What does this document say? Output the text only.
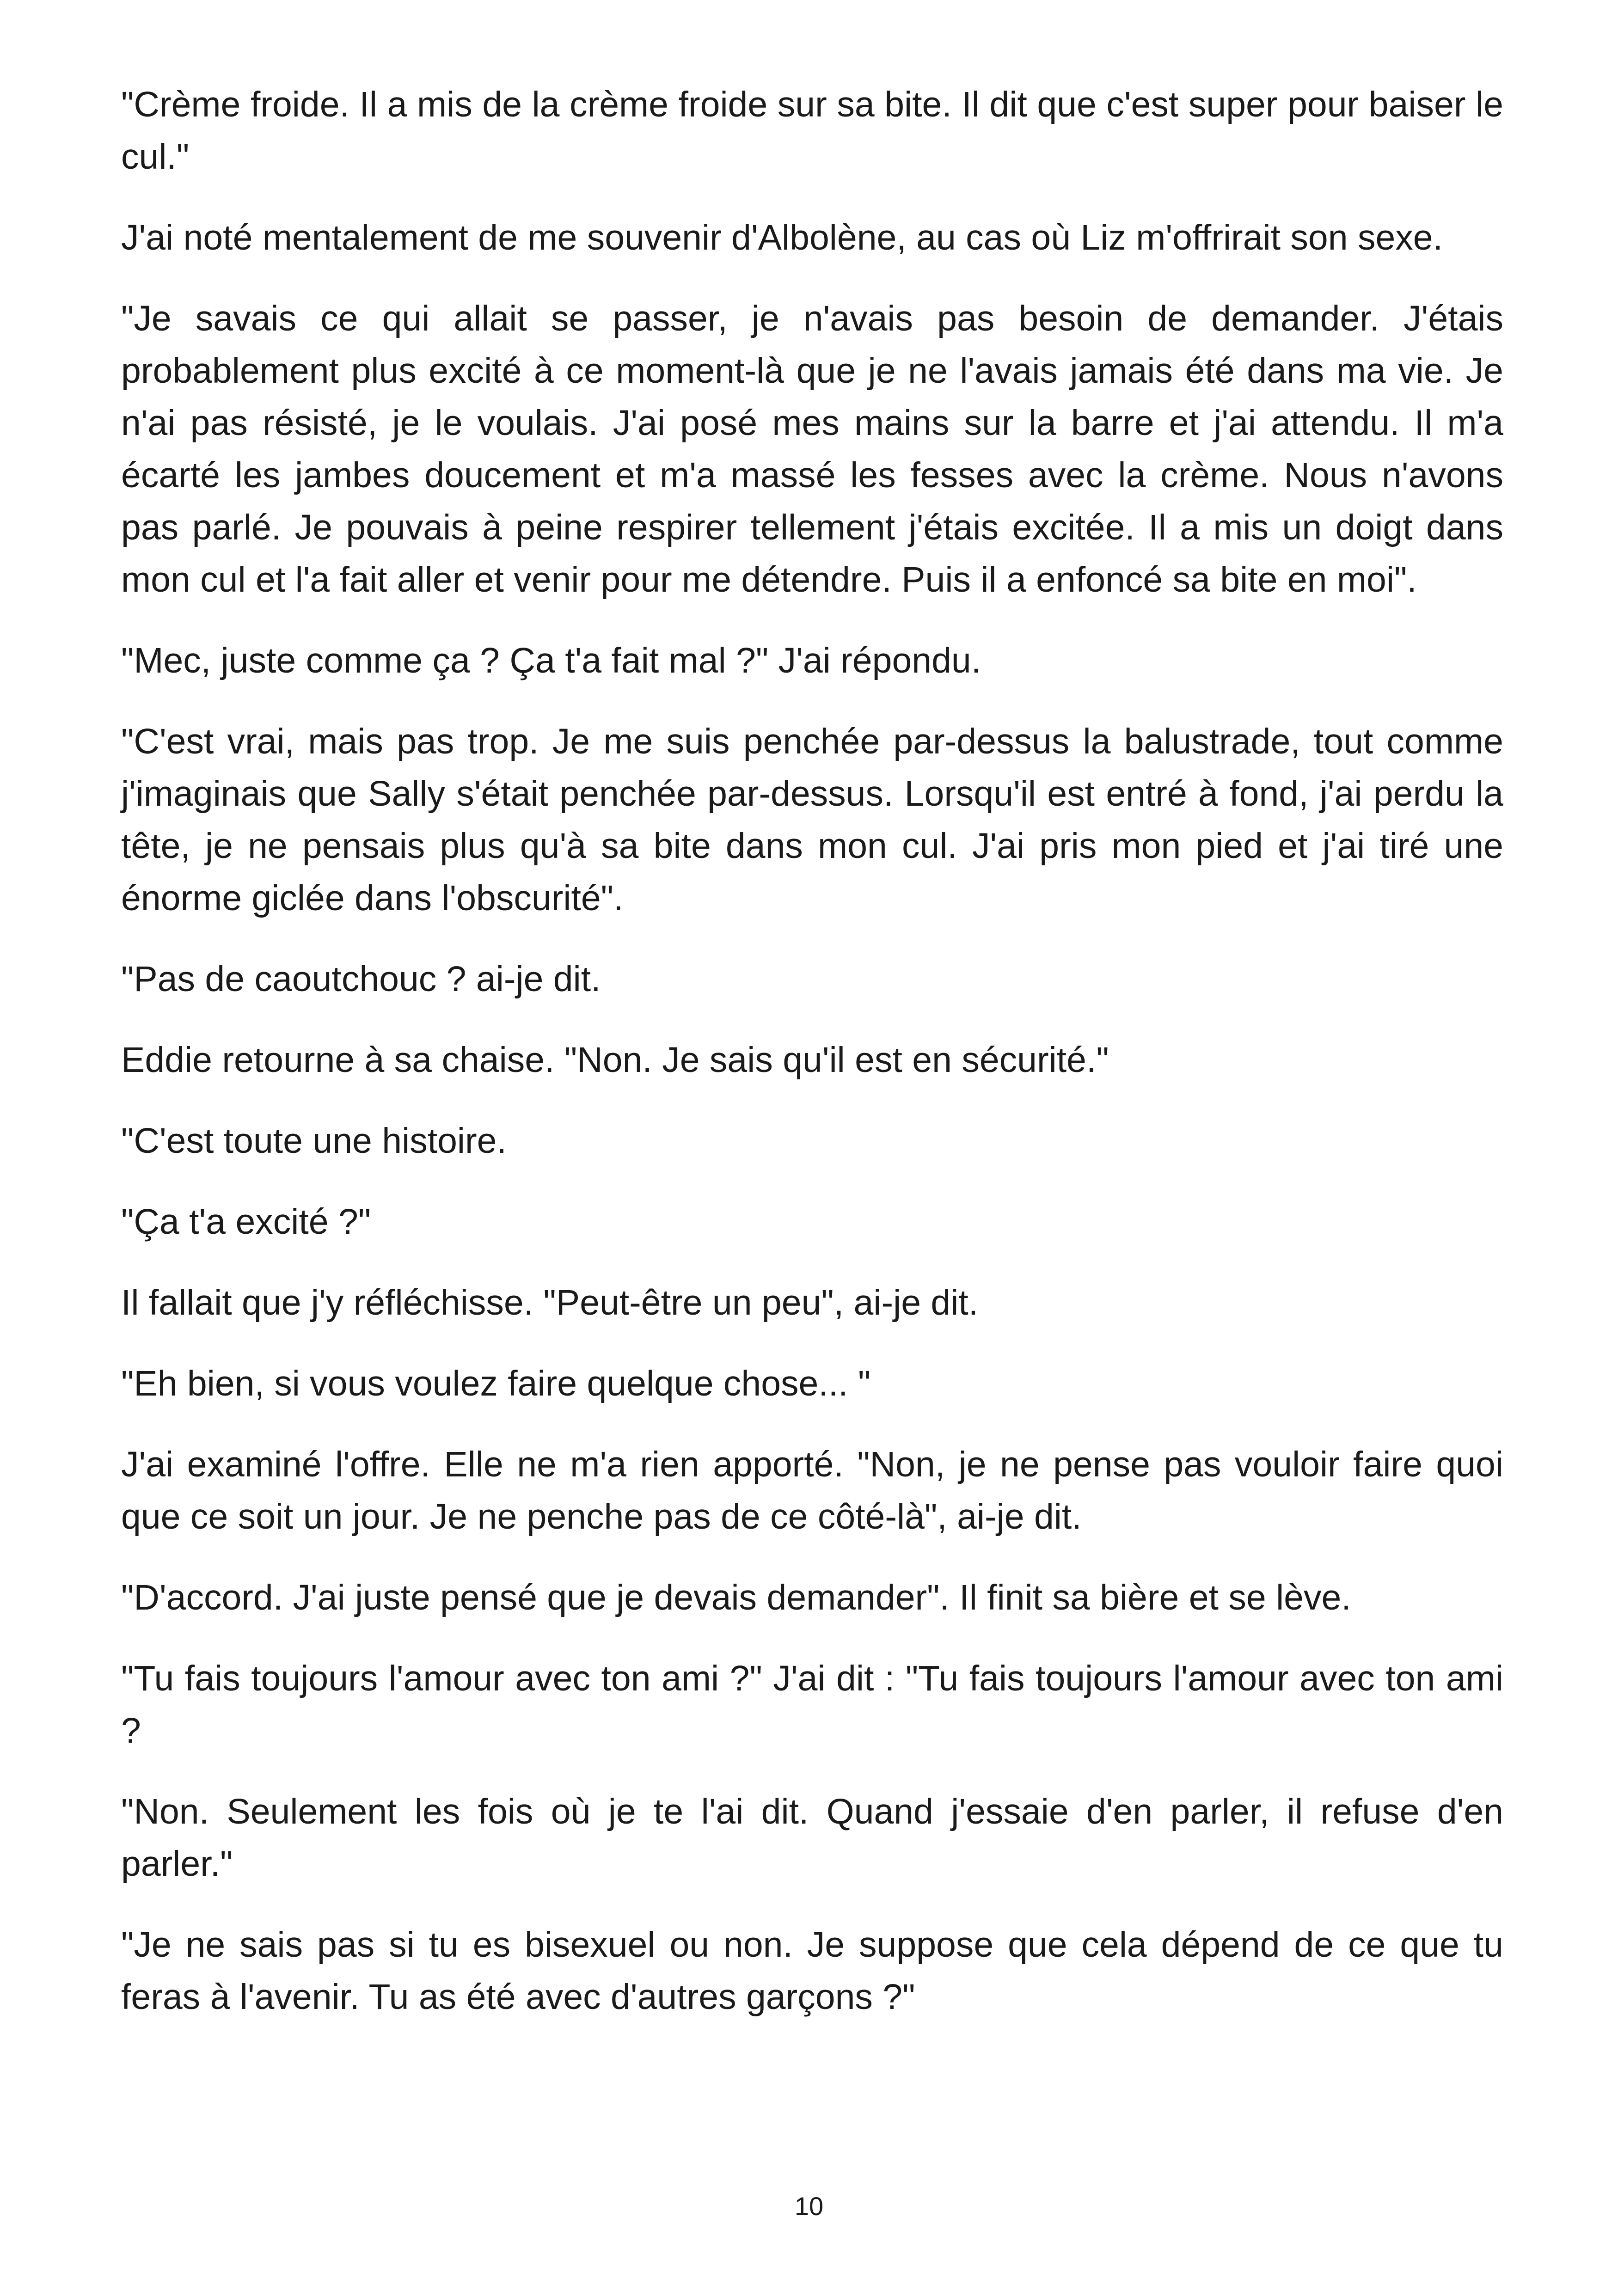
"Crème froide. Il a mis de la crème froide sur sa bite. Il dit que c'est super pour baiser le cul."

J'ai noté mentalement de me souvenir d'Albolène, au cas où Liz m'offrirait son sexe.

"Je savais ce qui allait se passer, je n'avais pas besoin de demander. J'étais probablement plus excité à ce moment-là que je ne l'avais jamais été dans ma vie. Je n'ai pas résisté, je le voulais. J'ai posé mes mains sur la barre et j'ai attendu. Il m'a écarté les jambes doucement et m'a massé les fesses avec la crème. Nous n'avons pas parlé. Je pouvais à peine respirer tellement j'étais excitée. Il a mis un doigt dans mon cul et l'a fait aller et venir pour me détendre. Puis il a enfoncé sa bite en moi".

"Mec, juste comme ça ? Ça t'a fait mal ?" J'ai répondu.

"C'est vrai, mais pas trop. Je me suis penchée par-dessus la balustrade, tout comme j'imaginais que Sally s'était penchée par-dessus. Lorsqu'il est entré à fond, j'ai perdu la tête, je ne pensais plus qu'à sa bite dans mon cul. J'ai pris mon pied et j'ai tiré une énorme giclée dans l'obscurité".

"Pas de caoutchouc ? ai-je dit.

Eddie retourne à sa chaise. "Non. Je sais qu'il est en sécurité."

"C'est toute une histoire.

"Ça t'a excité ?"

Il fallait que j'y réfléchisse. "Peut-être un peu", ai-je dit.

"Eh bien, si vous voulez faire quelque chose... "

J'ai examiné l'offre. Elle ne m'a rien apporté. "Non, je ne pense pas vouloir faire quoi que ce soit un jour. Je ne penche pas de ce côté-là", ai-je dit.

"D'accord. J'ai juste pensé que je devais demander". Il finit sa bière et se lève.

"Tu fais toujours l'amour avec ton ami ?" J'ai dit : "Tu fais toujours l'amour avec ton ami ?

"Non. Seulement les fois où je te l'ai dit. Quand j'essaie d'en parler, il refuse d'en parler."

"Je ne sais pas si tu es bisexuel ou non. Je suppose que cela dépend de ce que tu feras à l'avenir. Tu as été avec d'autres garçons ?"

10
